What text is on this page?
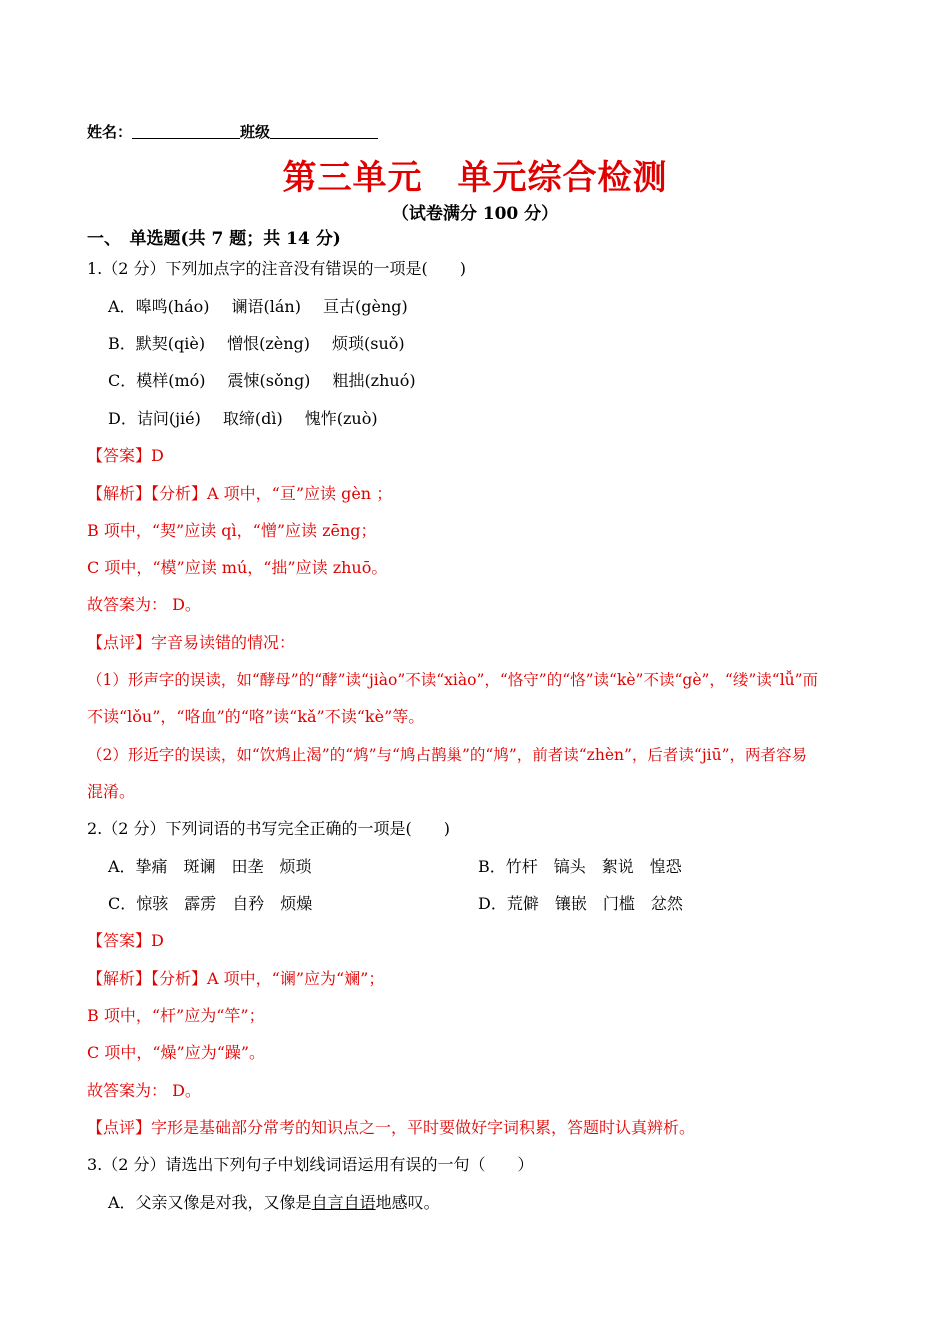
姓名：	班级
第三单元　单元综合检测
（试卷满分 100 分）
一、　单选题(共 7 题；共 14 分)
1.（2 分）下列加点字的注音没有错误的一项是(　　)
A．嗥鸣(háo) 谰语(lán) 亘古(gèng)
B．默契(qiè) 憎恨(zèng) 烦琐(suǒ)
C．模样(mó) 震悚(sǒng) 粗拙(zhuó)
D．诘问(jié) 取缔(dì) 愧怍(zuò)
【答案】D
【解析】【分析】A 项中，“亘”应读 gèn ；
B 项中，“契”应读 qì，“憎”应读 zēng；
C 项中，“模”应读 mú，“拙”应读 zhuō。
故答案为： D。
【点评】字音易读错的情况：
（1）形声字的误读，如“酵母”的“酵”读“jiào”不读“xiào”，“恪守”的“恪”读“kè”不读“gè”，“缕”读“lǚ”而
不读“lǒu”，“咯血”的“咯”读“kǎ”不读“kè”等。
（2）形近字的误读，如“饮鸩止渴”的“鸩”与“鸠占鹊巢”的“鸠”，前者读“zhèn”，后者读“jiū”，两者容易
混淆。
2.（2 分）下列词语的书写完全正确的一项是(　　)
A．挚痛　斑谰　田垄　烦琐	B．竹杆　镐头　絮说　惶恐
C．惊骇　霹雳　自矜　烦燥	D．荒僻　镶嵌　门槛　忿然
【答案】D
【解析】【分析】A 项中，“谰”应为“斓”；
B 项中，“杆”应为“竿”；
C 项中，“燥”应为“躁”。
故答案为： D。
【点评】字形是基础部分常考的知识点之一，平时要做好字词积累，答题时认真辨析。
3.（2 分）请选出下列句子中划线词语运用有误的一句（　　）
A．父亲又像是对我，又像是自言自语地感叹。
